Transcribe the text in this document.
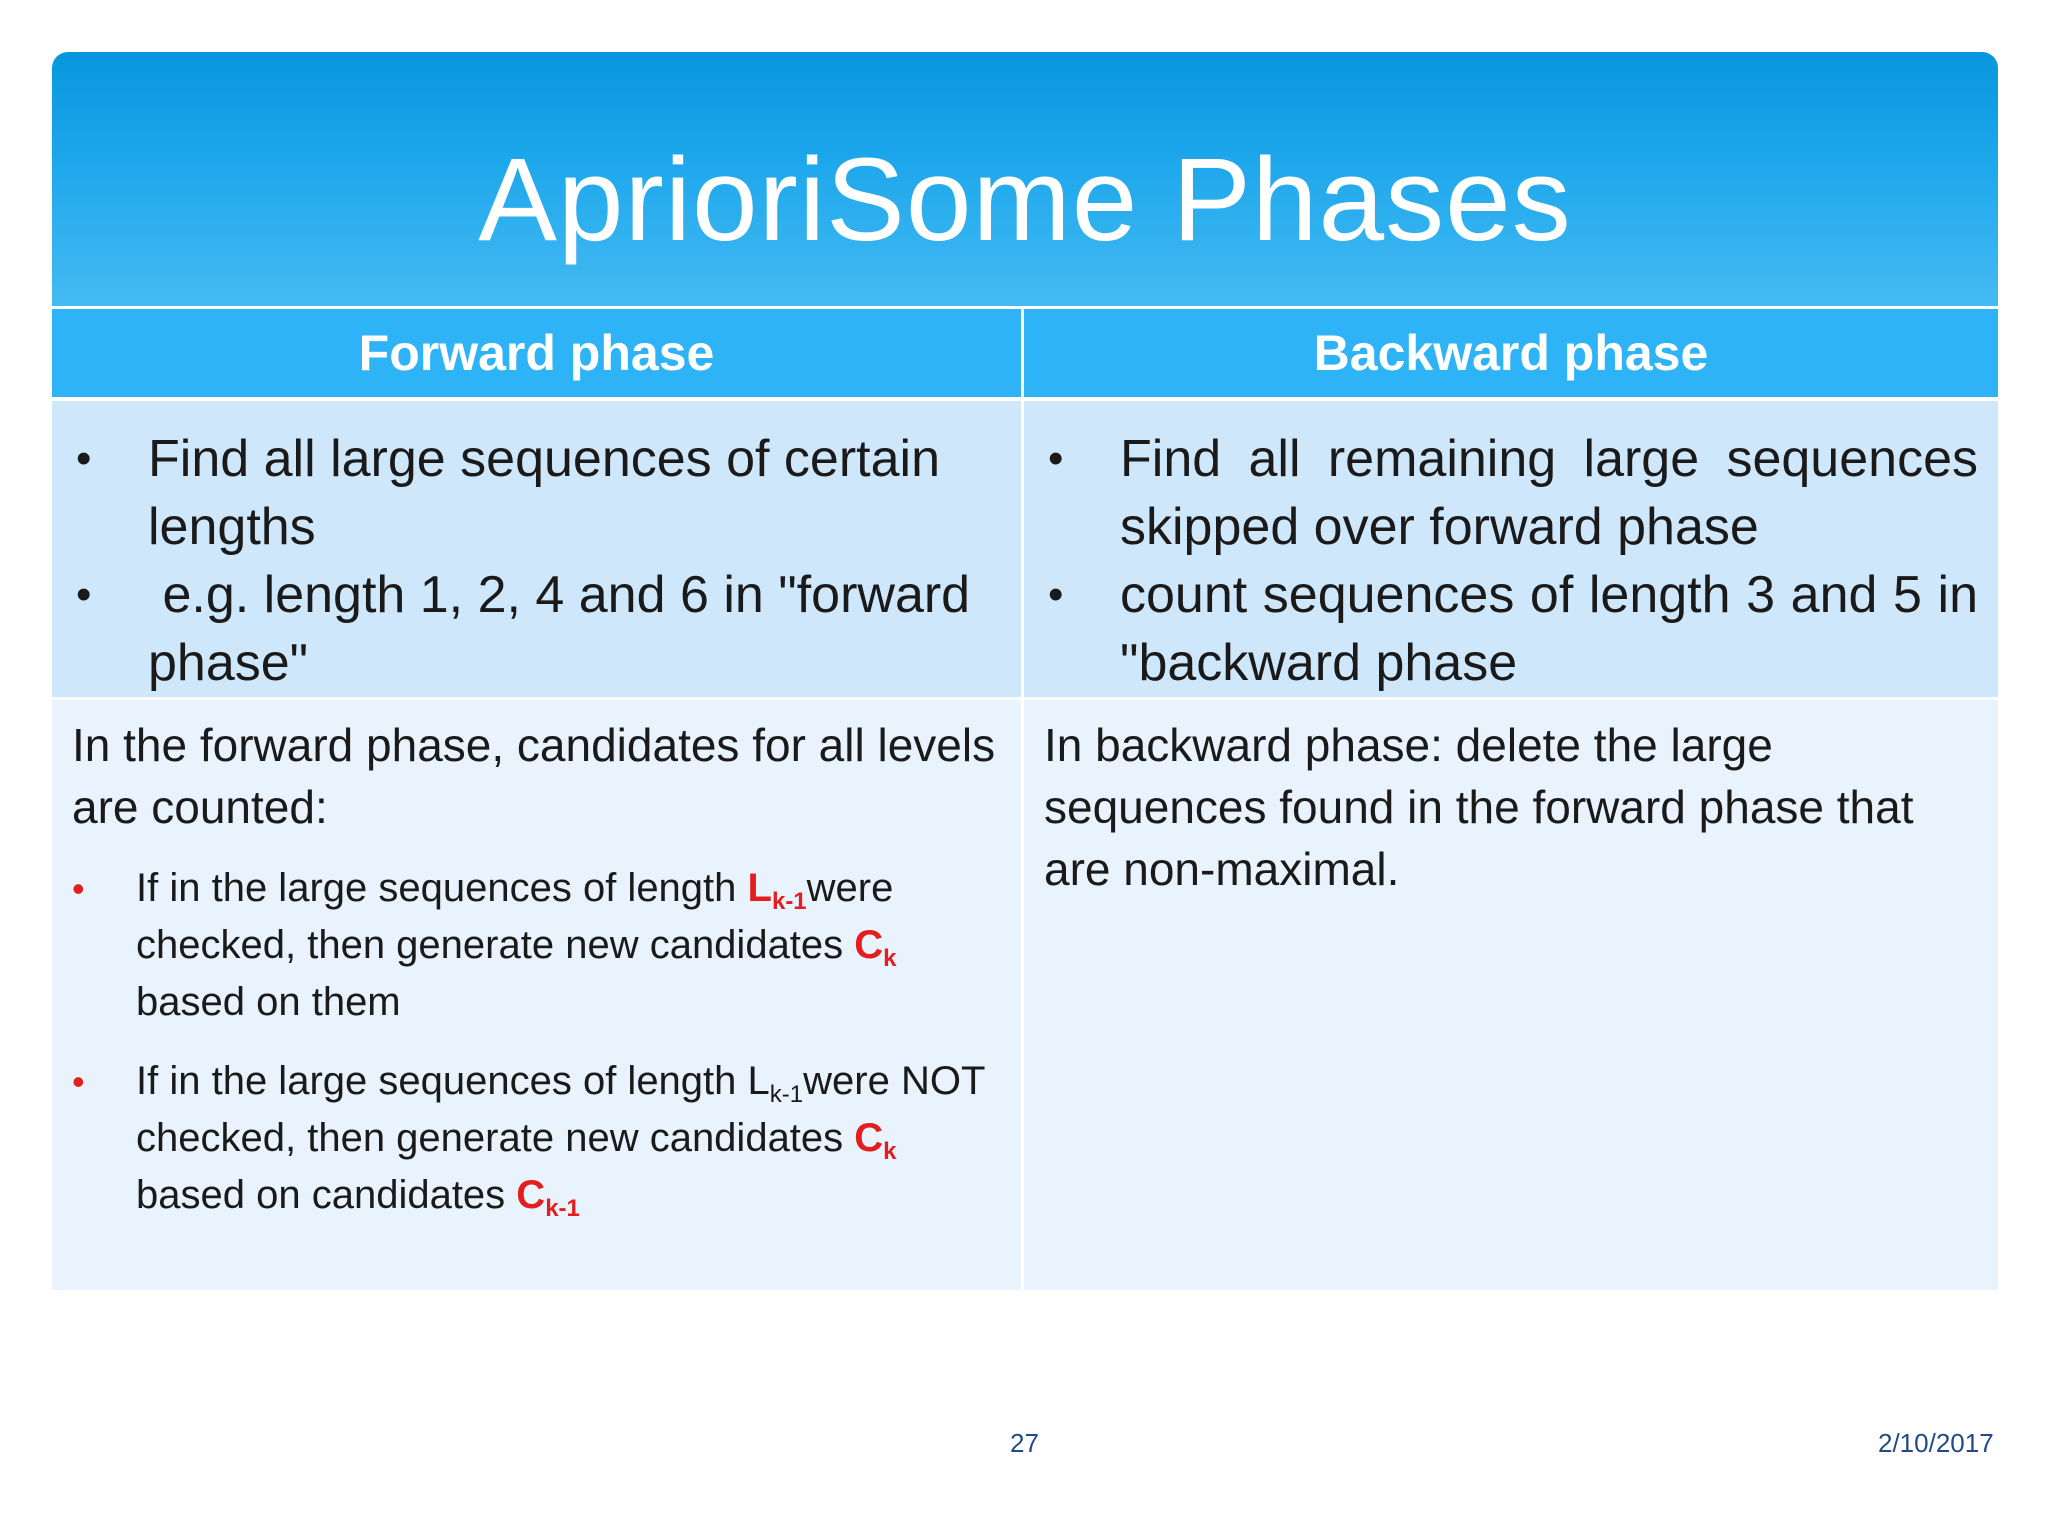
AprioriSome Phases
Forward phase	Backward phase
• Find all large sequences of certain lengths
• e.g. length 1, 2, 4 and 6 in "forward phase"
• Find all remaining large sequences skipped over forward phase
• count sequences of length 3 and 5 in "backward phase

In the forward phase, candidates for all levels are counted:

• If in the large sequences of length $L_{k-1}were$ checked, then generate new candidates $C_k$ based on them
• If in the large sequences of length $L_{k-1}were$ NOT checked, then generate new candidates $C_k$ based on candidates $C_{k-1}$

In backward phase: delete the large sequences found in the forward phase that are non-maximal.

27	2/10/2017
